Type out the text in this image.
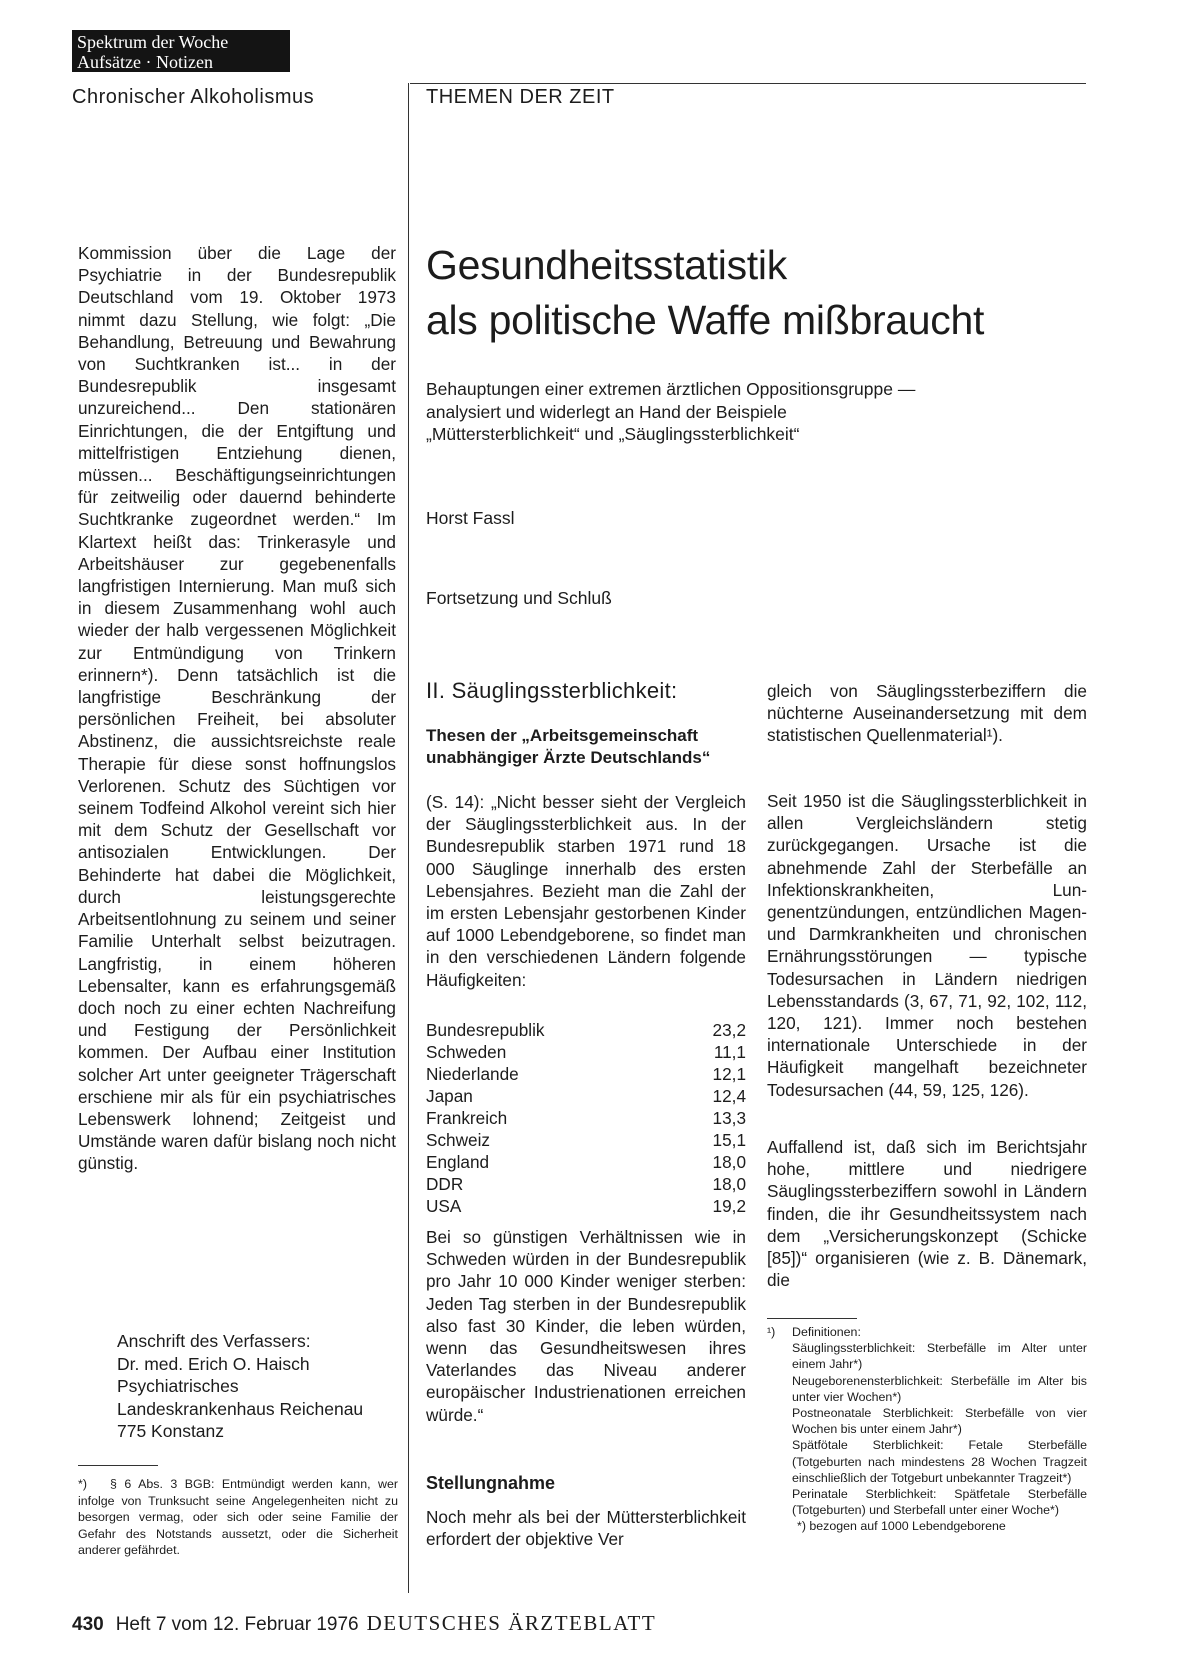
Spektrum der Woche
Aufsätze · Notizen
Chronischer Alkoholismus	THEMEN DER ZEIT

Kommission über die Lage der Psychiatrie in der Bundesrepublik Deutschland vom 19. Oktober 1973 nimmt dazu Stellung, wie folgt: „Die Behandlung, Betreuung und Bewahrung von Suchtkranken ist... in der Bundesrepublik insgesamt unzureichend... Den stationären Einrichtungen, die der Entgiftung und mittelfristigen Entziehung dienen, müssen... Beschäftigungseinrichtungen für zeitweilig oder dauernd behinderte Suchtkranke zugeordnet werden.“ Im Klartext heißt das: Trinkerasyle und Arbeitshäuser zur gegebenenfalls langfristigen Internierung. Man muß sich in diesem Zusammenhang wohl auch wieder der halb vergessenen Möglichkeit zur Entmündigung von Trinkern erinnern*). Denn tatsächlich ist die langfristige Beschränkung der persönlichen Freiheit, bei absoluter Abstinenz, die aussichtsreichste reale Therapie für diese sonst hoffnungslos Verlorenen. Schutz des Süchtigen vor seinem Todfeind Alkohol vereint sich hier mit dem Schutz der Gesellschaft vor antisozialen Entwicklungen. Der Behinderte hat dabei die Möglichkeit, durch leistungsgerechte Arbeitsentlohnung zu seinem und seiner Familie Unterhalt selbst beizutragen. Langfristig, in einem höheren Lebensalter, kann es erfahrungsgemäß doch noch zu einer echten Nachreifung und Festigung der Persönlichkeit kommen. Der Aufbau einer Institution solcher Art unter geeigneter Trägerschaft erschiene mir als für ein psychiatrisches Lebenswerk lohnend; Zeitgeist und Umstände waren dafür bislang noch nicht günstig.

Anschrift des Verfassers:
Dr. med. Erich O. Haisch
Psychiatrisches
Landeskrankenhaus Reichenau
775 Konstanz
*) § 6 Abs. 3 BGB: Entmündigt werden kann, wer infolge von Trunksucht seine Angelegenheiten nicht zu besorgen vermag, oder sich oder seine Familie der Gefahr des Notstands aussetzt, oder die Sicherheit anderer gefährdet.
Gesundheitsstatistik
als politische Waffe mißbraucht
Behauptungen einer extremen ärztlichen Oppositionsgruppe —
analysiert und widerlegt an Hand der Beispiele
„Müttersterblichkeit“ und „Säuglingssterblichkeit“
Horst Fassl
Fortsetzung und Schluß
II. Säuglingssterblichkeit:
Thesen der „Arbeitsgemeinschaft
unabhängiger Ärzte Deutschlands“

(S. 14): „Nicht besser sieht der Vergleich der Säuglingssterblichkeit aus. In der Bundesrepublik starben 1971 rund 18 000 Säuglinge innerhalb des ersten Lebensjahres. Bezieht man die Zahl der im ersten Lebensjahr gestorbenen Kinder auf 1000 Lebendgeborene, so findet man in den verschiedenen Ländern folgende Häufigkeiten:

Bundesrepublik	23,2
Schweden	11,1
Niederlande	12,1
Japan	12,4
Frankreich	13,3
Schweiz	15,1
England	18,0
DDR	18,0
USA	19,2

Bei so günstigen Verhältnissen wie in Schweden würden in der Bundesrepublik pro Jahr 10 000 Kinder weniger sterben: Jeden Tag sterben in der Bundesrepublik also fast 30 Kinder, die leben würden, wenn das Gesundheitswesen ihres Vaterlandes das Niveau anderer europäischer Industrienationen erreichen würde.“

Stellungnahme

Noch mehr als bei der Müttersterblichkeit erfordert der objektive Ver

gleich von Säuglingssterbeziffern die nüchterne Auseinandersetzung mit dem statistischen Quellenmaterial¹).

Seit 1950 ist die Säuglingssterblichkeit in allen Vergleichsländern stetig zurückgegangen. Ursache ist die abnehmende Zahl der Sterbefälle an Infektionskrankheiten, Lungenentzündungen, entzündlichen Magen- und Darmkrankheiten und chronischen Ernährungsstörungen — typische Todesursachen in Ländern niedrigen Lebensstandards (3, 67, 71, 92, 102, 112, 120, 121). Immer noch bestehen internationale Unterschiede in der Häufigkeit mangelhaft bezeichneter Todesursachen (44, 59, 125, 126).

Auffallend ist, daß sich im Berichtsjahr hohe, mittlere und niedrigere Säuglingssterbeziffern sowohl in Ländern finden, die ihr Gesundheitssystem nach dem „Versicherungskonzept (Schicke [85])“ organisieren (wie z. B. Dänemark, die

¹)	Definitionen:
Säuglingssterblichkeit: Sterbefälle im Alter unter einem Jahr*)
Neugeborenensterblichkeit: Sterbefälle im Alter bis unter vier Wochen*)
Postneonatale Sterblichkeit: Sterbefälle von vier Wochen bis unter einem Jahr*)
Spätfötale Sterblichkeit: Fetale Sterbefälle (Totgeburten nach mindestens 28 Wochen Tragzeit einschließlich der Totgeburt unbekannter Tragzeit*)
Perinatale Sterblichkeit: Spätfetale Sterbefälle (Totgeburten) und Sterbefall unter einer Woche*)
*) bezogen auf 1000 Lebendgeborene
430 Heft 7 vom 12. Februar 1976 DEUTSCHES ÄRZTEBLATT
